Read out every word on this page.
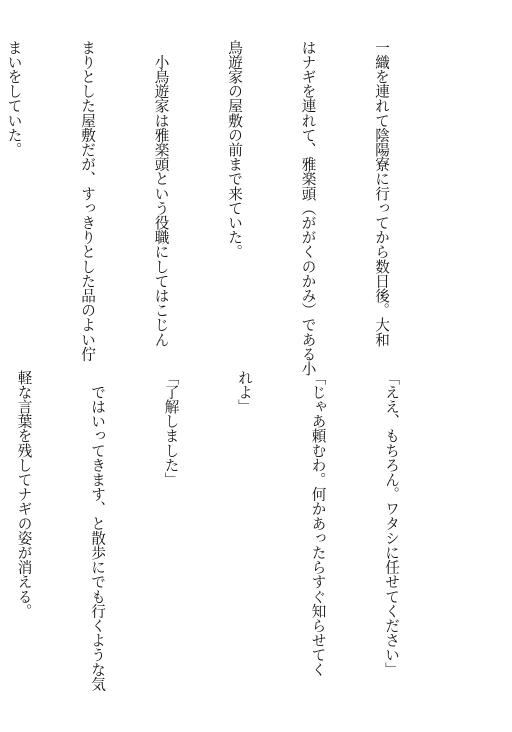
一織を連れて陰陽寮に行ってから数日後。大和

はナギを連れて、雅楽頭（ががくのかみ）である小

鳥遊家の屋敷の前まで来ていた。

　小鳥遊家は雅楽頭という役職にしてはこじん

まりとした屋敷だが、すっきりとした品のよい佇

まいをしていた。

「ええ、もちろん。ワタシに任せてください」

「じゃあ頼むわ。何かあったらすぐ知らせてく

れよ」

「了解しました」

　ではいってきます、と散歩にでも行くような気

軽な言葉を残してナギの姿が消える。
